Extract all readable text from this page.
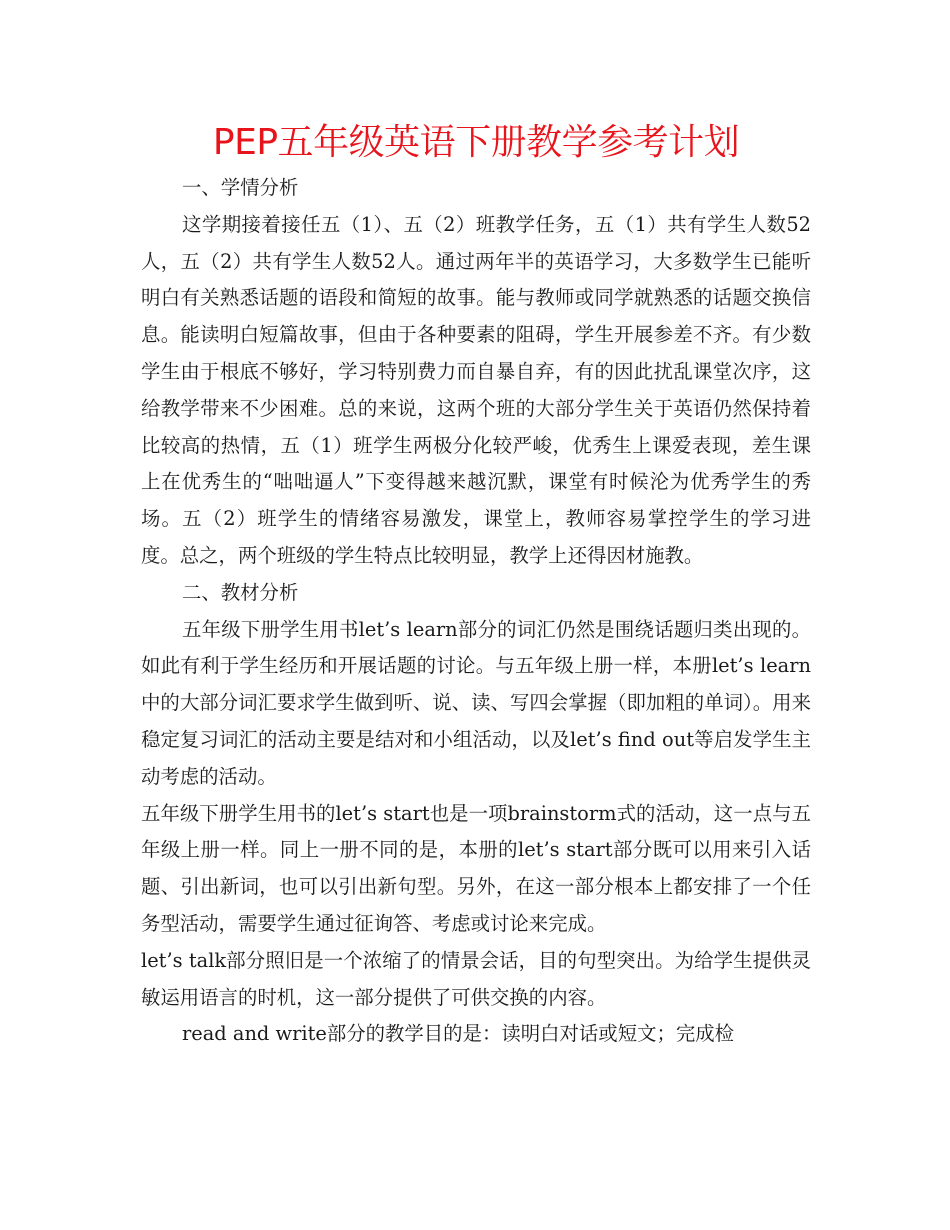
PEP五年级英语下册教学参考计划

一、学情分析

这学期接着接任五（1）、五（2）班教学任务，五（1）共有学生人数52人，五（2）共有学生人数52人。通过两年半的英语学习，大多数学生已能听明白有关熟悉话题的语段和简短的故事。能与教师或同学就熟悉的话题交换信息。能读明白短篇故事，但由于各种要素的阻碍，学生开展参差不齐。有少数学生由于根底不够好，学习特别费力而自暴自弃，有的因此扰乱课堂次序，这给教学带来不少困难。总的来说，这两个班的大部分学生关于英语仍然保持着比较高的热情，五（1）班学生两极分化较严峻，优秀生上课爱表现，差生课上在优秀生的“咄咄逼人”下变得越来越沉默，课堂有时候沦为优秀学生的秀场。五（2）班学生的情绪容易激发，课堂上，教师容易掌控学生的学习进度。总之，两个班级的学生特点比较明显，教学上还得因材施教。

二、教材分析

五年级下册学生用书let’s learn部分的词汇仍然是围绕话题归类出现的。如此有利于学生经历和开展话题的讨论。与五年级上册一样，本册let’s learn中的大部分词汇要求学生做到听、说、读、写四会掌握（即加粗的单词）。用来稳定复习词汇的活动主要是结对和小组活动，以及let’s find out等启发学生主动考虑的活动。

五年级下册学生用书的let’s start也是一项brainstorm式的活动，这一点与五年级上册一样。同上一册不同的是，本册的let’s start部分既可以用来引入话题、引出新词，也可以引出新句型。另外，在这一部分根本上都安排了一个任务型活动，需要学生通过征询答、考虑或讨论来完成。

let’s talk部分照旧是一个浓缩了的情景会话，目的句型突出。为给学生提供灵敏运用语言的时机，这一部分提供了可供交换的内容。

read and write部分的教学目的是：读明白对话或短文；完成检
